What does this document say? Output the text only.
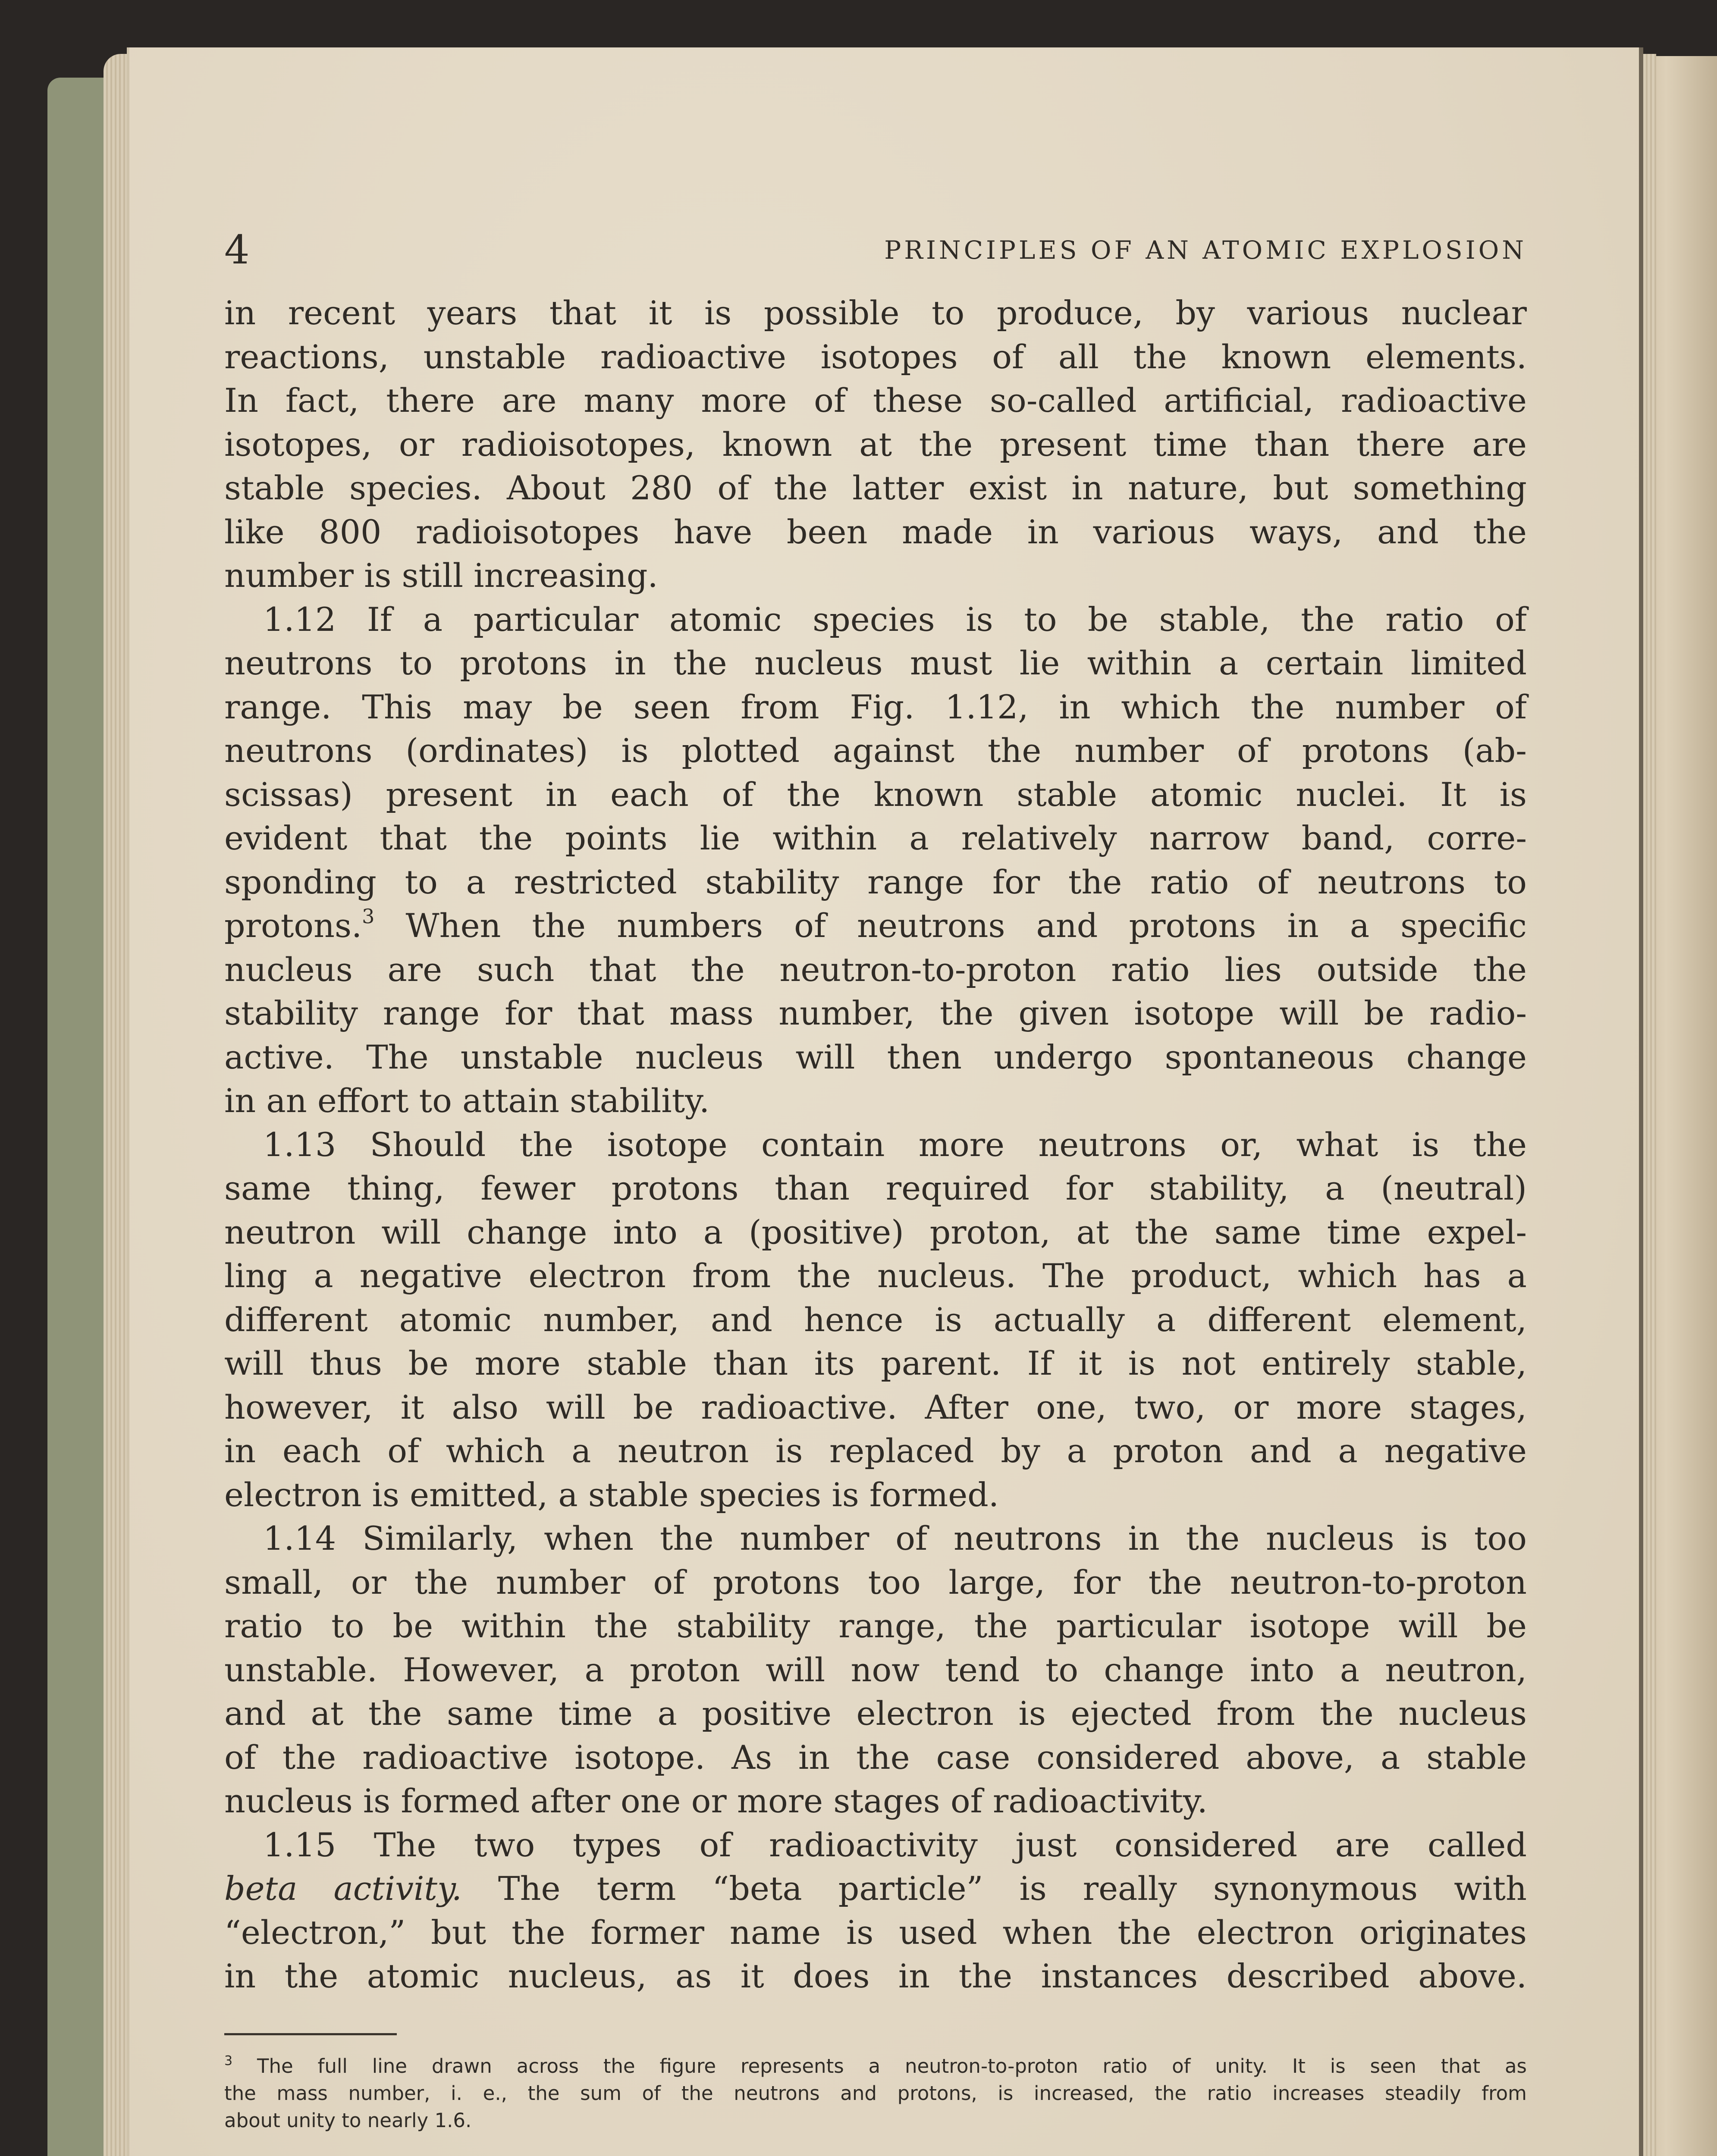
4	PRINCIPLES OF AN ATOMIC EXPLOSION

in recent years that it is possible to produce, by various nuclear
reactions, unstable radioactive isotopes of all the known elements.
In fact, there are many more of these so-called artificial, radioactive
isotopes, or radioisotopes, known at the present time than there are
stable species. About 280 of the latter exist in nature, but something
like 800 radioisotopes have been made in various ways, and the
number is still increasing.

1.12 If a particular atomic species is to be stable, the ratio of
neutrons to protons in the nucleus must lie within a certain limited
range. This may be seen from Fig. 1.12, in which the number of
neutrons (ordinates) is plotted against the number of protons (ab-
scissas) present in each of the known stable atomic nuclei. It is
evident that the points lie within a relatively narrow band, corre-
sponding to a restricted stability range for the ratio of neutrons to
protons.$^3$ When the numbers of neutrons and protons in a specific
nucleus are such that the neutron-to-proton ratio lies outside the
stability range for that mass number, the given isotope will be radio-
active. The unstable nucleus will then undergo spontaneous change
in an effort to attain stability.

1.13 Should the isotope contain more neutrons or, what is the
same thing, fewer protons than required for stability, a (neutral)
neutron will change into a (positive) proton, at the same time expel-
ling a negative electron from the nucleus. The product, which has a
different atomic number, and hence is actually a different element,
will thus be more stable than its parent. If it is not entirely stable,
however, it also will be radioactive. After one, two, or more stages,
in each of which a neutron is replaced by a proton and a negative
electron is emitted, a stable species is formed.

1.14 Similarly, when the number of neutrons in the nucleus is too
small, or the number of protons too large, for the neutron-to-proton
ratio to be within the stability range, the particular isotope will be
unstable. However, a proton will now tend to change into a neutron,
and at the same time a positive electron is ejected from the nucleus
of the radioactive isotope. As in the case considered above, a stable
nucleus is formed after one or more stages of radioactivity.

1.15 The two types of radioactivity just considered are called
beta activity. The term “beta particle” is really synonymous with
“electron,” but the former name is used when the electron originates
in the atomic nucleus, as it does in the instances described above.

$^3$ The full line drawn across the figure represents a neutron-to-proton ratio of unity. It is seen that as
the mass number, i. e., the sum of the neutrons and protons, is increased, the ratio increases steadily from
about unity to nearly 1.6.
